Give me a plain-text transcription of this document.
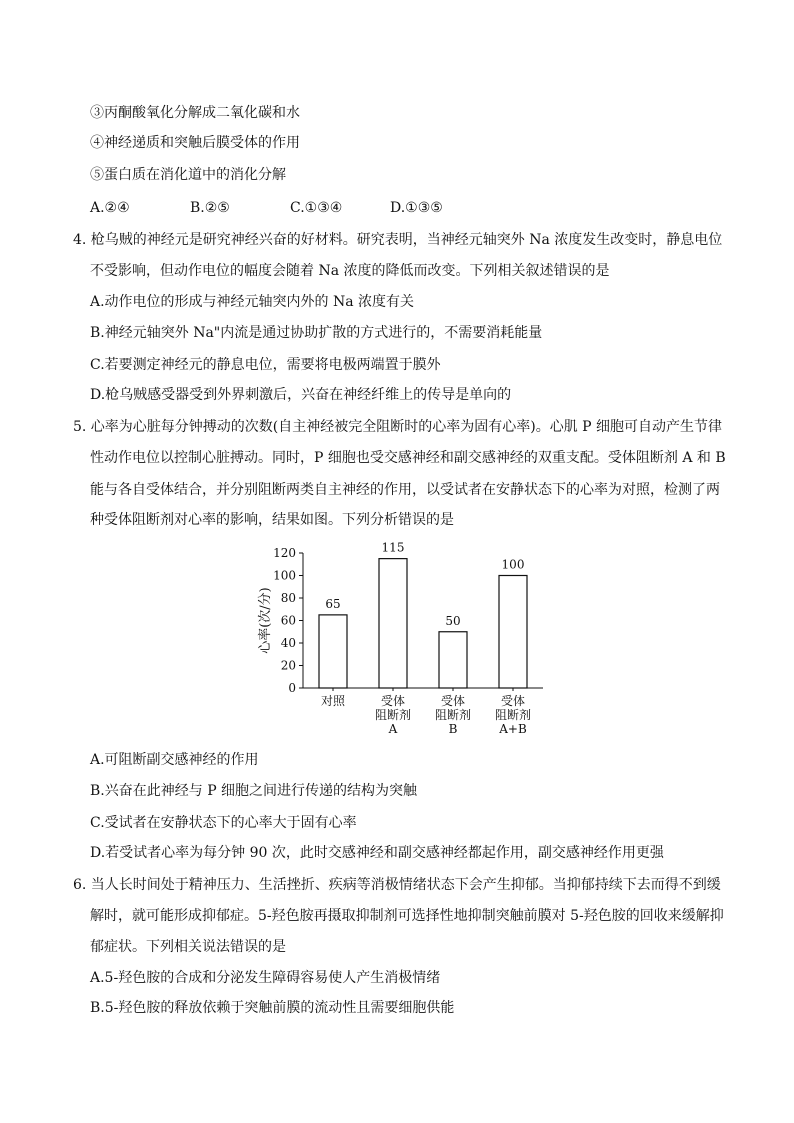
③丙酮酸氧化分解成二氧化碳和水
④神经递质和突触后膜受体的作用
⑤蛋白质在消化道中的消化分解
A.②④	B.②⑤	C.①③④	D.①③⑤
4. 枪乌贼的神经元是研究神经兴奋的好材料。研究表明，当神经元轴突外 Na 浓度发生改变时，静息电位
不受影响，但动作电位的幅度会随着 Na 浓度的降低而改变。下列相关叙述错误的是
A.动作电位的形成与神经元轴突内外的 Na 浓度有关
B.神经元轴突外 Na"内流是通过协助扩散的方式进行的，不需要消耗能量
C.若要测定神经元的静息电位，需要将电极两端置于膜外
D.枪乌贼感受器受到外界刺激后，兴奋在神经纤维上的传导是单向的
5. 心率为心脏每分钟搏动的次数(自主神经被完全阻断时的心率为固有心率)。心肌 P 细胞可自动产生节律
性动作电位以控制心脏搏动。同时，P 细胞也受交感神经和副交感神经的双重支配。受体阻断剂 A 和 B
能与各自受体结合，并分别阻断两类自主神经的作用，以受试者在安静状态下的心率为对照，检测了两
种受体阻断剂对心率的影响，结果如图。下列分析错误的是
0
20
40
60
80
100
120
心率(次/分)
对照	受体
阻断剂
A
受体
阻断剂
B
受体
阻断剂
A+B
65
115
50
100
A.可阻断副交感神经的作用
B.兴奋在此神经与 P 细胞之间进行传递的结构为突触
C.受试者在安静状态下的心率大于固有心率
D.若受试者心率为每分钟 90 次，此时交感神经和副交感神经都起作用，副交感神经作用更强
6. 当人长时间处于精神压力、生活挫折、疾病等消极情绪状态下会产生抑郁。当抑郁持续下去而得不到缓
解时，就可能形成抑郁症。5-羟色胺再摄取抑制剂可选择性地抑制突触前膜对 5-羟色胺的回收来缓解抑
郁症状。下列相关说法错误的是
A.5-羟色胺的合成和分泌发生障碍容易使人产生消极情绪
B.5-羟色胺的释放依赖于突触前膜的流动性且需要细胞供能
